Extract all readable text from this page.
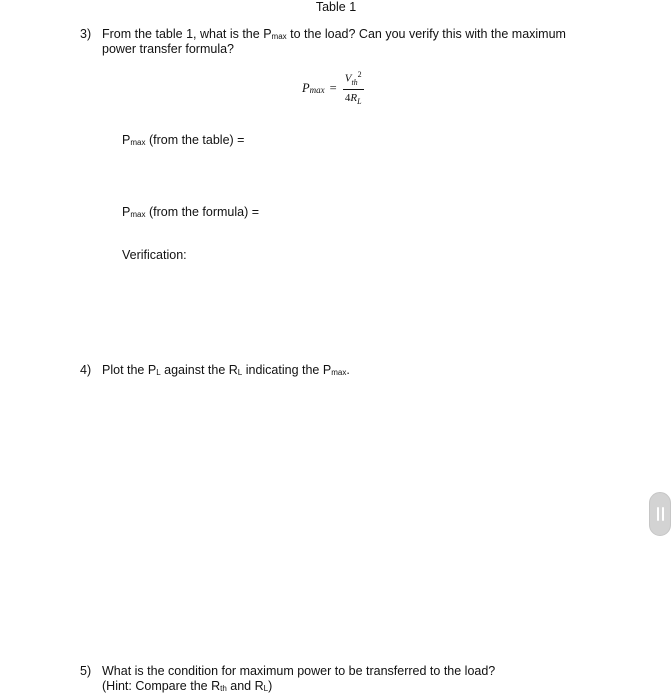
Table 1
3) From the table 1, what is the $P_{max}$ to the load? Can you verify this with the maximum
power transfer formula?
$P_{max} = \frac{V_{th}^2}{4R_L}$
$P_{max}$ (from the table) =
$P_{max}$ (from the formula) =
Verification:
4) Plot the $P_L$ against the $R_L$ indicating the $P_{max}$.
5) What is the condition for maximum power to be transferred to the load?
(Hint: Compare the $R_{th}$ and $R_L$)
